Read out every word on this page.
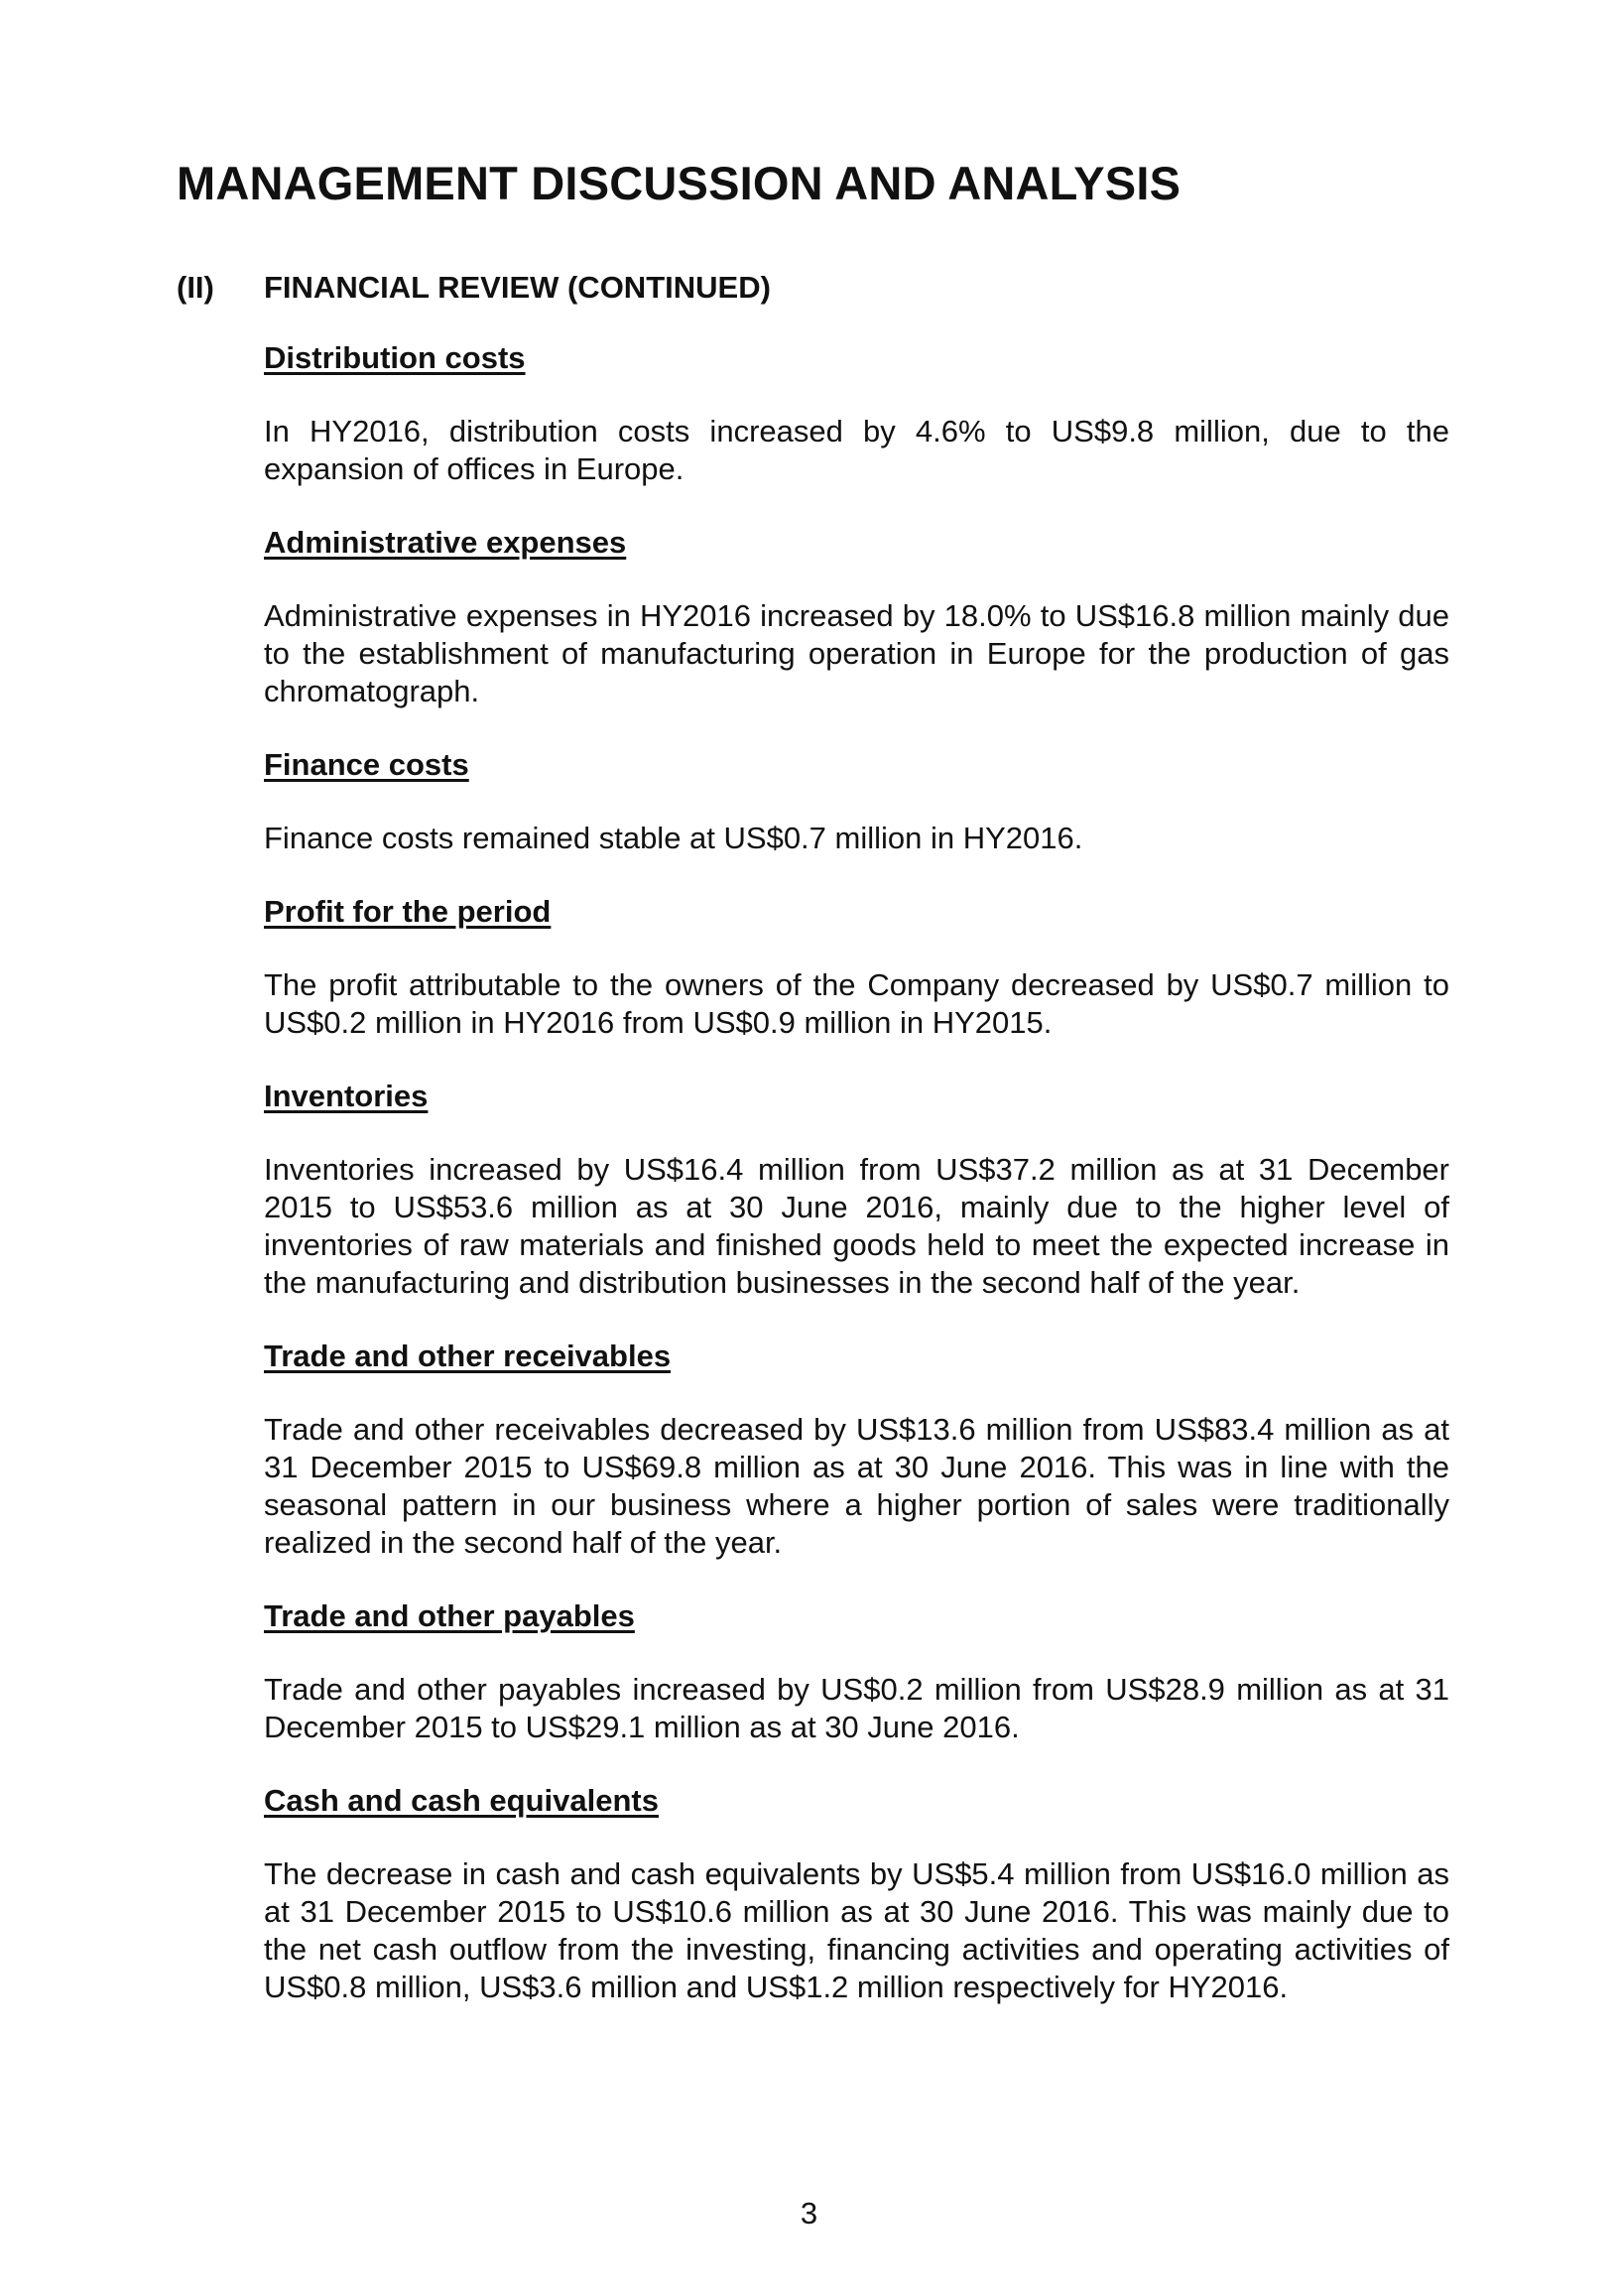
MANAGEMENT DISCUSSION AND ANALYSIS
(II) FINANCIAL REVIEW (CONTINUED)
Distribution costs

In HY2016, distribution costs increased by 4.6% to US$9.8 million, due to the expansion of offices in Europe.

Administrative expenses

Administrative expenses in HY2016 increased by 18.0% to US$16.8 million mainly due to the establishment of manufacturing operation in Europe for the production of gas chromatograph.

Finance costs

Finance costs remained stable at US$0.7 million in HY2016.

Profit for the period

The profit attributable to the owners of the Company decreased by US$0.7 million to US$0.2 million in HY2016 from US$0.9 million in HY2015.

Inventories

Inventories increased by US$16.4 million from US$37.2 million as at 31 December 2015 to US$53.6 million as at 30 June 2016, mainly due to the higher level of inventories of raw materials and finished goods held to meet the expected increase in the manufacturing and distribution businesses in the second half of the year.

Trade and other receivables

Trade and other receivables decreased by US$13.6 million from US$83.4 million as at 31 December 2015 to US$69.8 million as at 30 June 2016. This was in line with the seasonal pattern in our business where a higher portion of sales were traditionally realized in the second half of the year.

Trade and other payables

Trade and other payables increased by US$0.2 million from US$28.9 million as at 31 December 2015 to US$29.1 million as at 30 June 2016.

Cash and cash equivalents

The decrease in cash and cash equivalents by US$5.4 million from US$16.0 million as at 31 December 2015 to US$10.6 million as at 30 June 2016. This was mainly due to the net cash outflow from the investing, financing activities and operating activities of US$0.8 million, US$3.6 million and US$1.2 million respectively for HY2016.

3
